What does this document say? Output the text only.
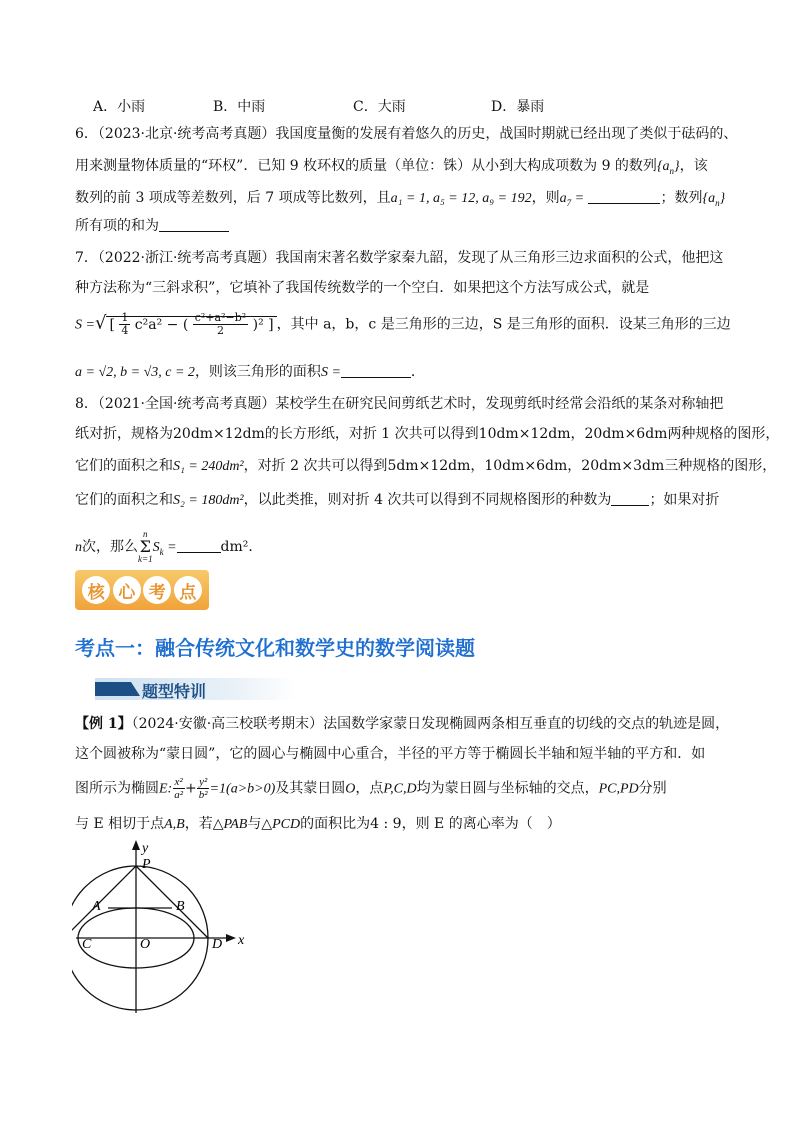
A．小雨	B．中雨	C．大雨	D．暴雨
6．（2023·北京·统考高考真题）我国度量衡的发展有着悠久的历史，战国时期就已经出现了类似于砝码的、
用来测量物体质量的“环权”．已知 9 枚环权的质量（单位：铢）从小到大构成项数为 9 的数列$\{a_n\}$，该
数列的前 3 项成等差数列，后 7 项成等比数列，且a₁ = 1, a₅ = 12, a₉ = 192，则$a_7$ =	；数列$\{a_n\}$
所有项的和为
7．（2022·浙江·统考高考真题）我国南宋著名数学家秦九韶，发现了从三角形三边求面积的公式，他把这
种方法称为“三斜求积”，它填补了我国传统数学的一个空白．如果把这个方法写成公式，就是
S =√ [ $\frac{1}{4} c^2a^2$ − ( $\frac{\text{c²+a²−b²}}{2} )^2$ ] ，其中 a，b，c 是三角形的三边，S 是三角形的面积．设某三角形的三边
a = √2, b = √3, c = 2，则该三角形的面积S =	．
8．（2021·全国·统考高考真题）某校学生在研究民间剪纸艺术时，发现剪纸时经常会沿纸的某条对称轴把
纸对折，规格为20dm×12dm的长方形纸，对折 1 次共可以得到10dm×12dm，20dm×6dm两种规格的图形，
它们的面积之和S₁ = 240dm²，对折 2 次共可以得到5dm×12dm，10dm×6dm，20dm×3dm三种规格的图形，
它们的面积之和S₂ = 180dm²，以此类推，则对折 4 次共可以得到不同规格图形的种数为	；如果对折
n次，那么
n
Σ
k=1
$S_k$ =	dm²．
核 心 考 点
考点一：融合传统文化和数学史的数学阅读题
题型特训
【例 1】（2024·安徽·高三校联考期末）法国数学家蒙日发现椭圆两条相互垂直的切线的交点的轨迹是圆，
这个圆被称为“蒙日圆”，它的圆心与椭圆中心重合，半径的平方等于椭圆长半轴和短半轴的平方和．如
图所示为椭圆E: $\frac{\text{x²}}{\text{a²}} + \frac{\text{y²}}{\text{b²}} =1(a>b>0)$及其蒙日圆O，点P,C,D均为蒙日圆与坐标轴的交点，PC,PD分别
与 E 相切于点A,B，若△PAB与△PCD的面积比为4 : 9，则 E 的离心率为（　）
y
x
P
A	B
C	O	D
